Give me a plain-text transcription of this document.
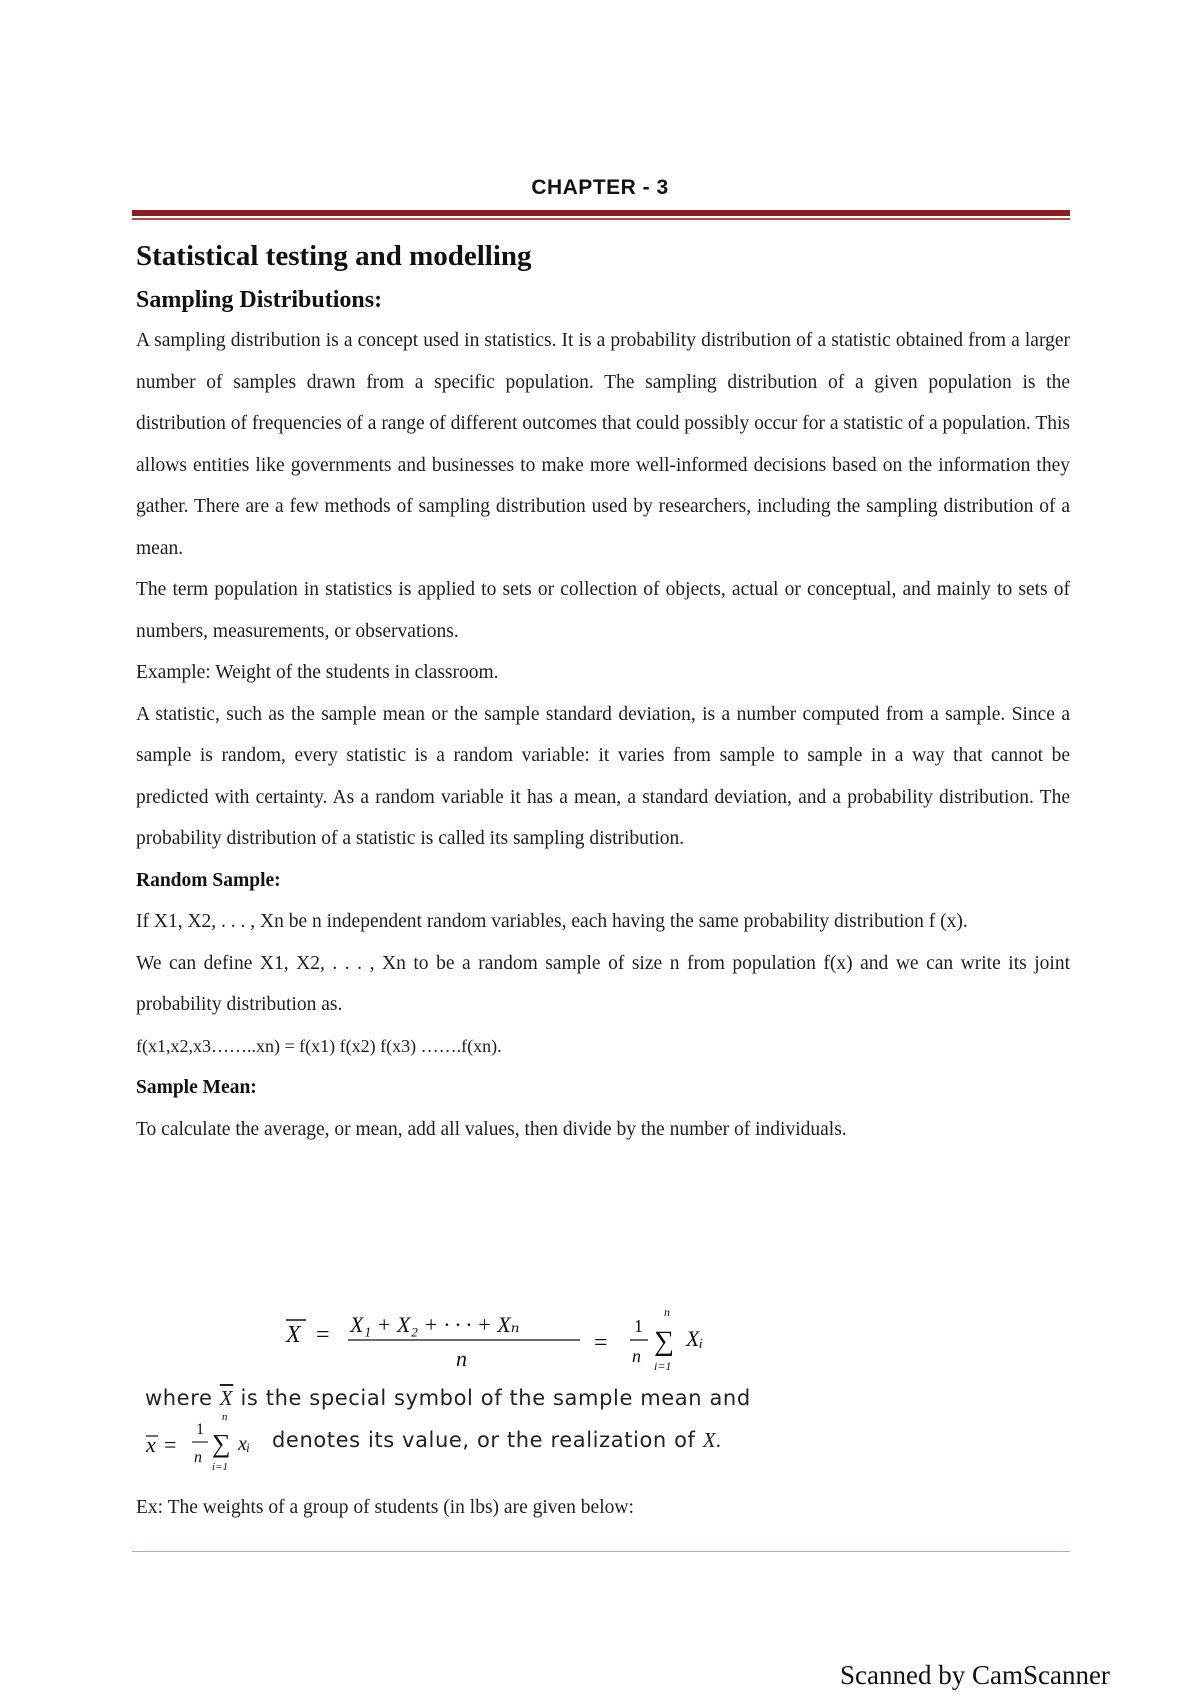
CHAPTER - 3
Statistical testing and modelling
Sampling Distributions:

A sampling distribution is a concept used in statistics. It is a probability distribution of a statistic obtained from a larger number of samples drawn from a specific population. The sampling distribution of a given population is the distribution of frequencies of a range of different outcomes that could possibly occur for a statistic of a population. This allows entities like governments and businesses to make more well-informed decisions based on the information they gather. There are a few methods of sampling distribution used by researchers, including the sampling distribution of a mean.

The term population in statistics is applied to sets or collection of objects, actual or conceptual, and mainly to sets of numbers, measurements, or observations.

Example: Weight of the students in classroom.

A statistic, such as the sample mean or the sample standard deviation, is a number computed from a sample. Since a sample is random, every statistic is a random variable: it varies from sample to sample in a way that cannot be predicted with certainty. As a random variable it has a mean, a standard deviation, and a probability distribution. The probability distribution of a statistic is called its sampling distribution.

Random Sample:

If X1, X2, . . . , Xn be n independent random variables, each having the same probability distribution f (x).

We can define X1, X2, . . . , Xn to be a random sample of size n from population f(x) and we can write its joint probability distribution as.

f(x1,x2,x3……..xn) = f(x1) f(x2) f(x3) …….f(xn).

Sample Mean:

To calculate the average, or mean, add all values, then divide by the number of individuals.

X = X₁ + X₂ + · · · + Xₙ
n
=
1
n
n
∑
i=1
Xᵢ
where $\overline{X}$ is the special symbol of the sample mean and
x =
1
n
n
∑
i=1
xᵢ denotes its value, or the realization of X.
Ex: The weights of a group of students (in lbs) are given below:
Scanned by CamScanner
